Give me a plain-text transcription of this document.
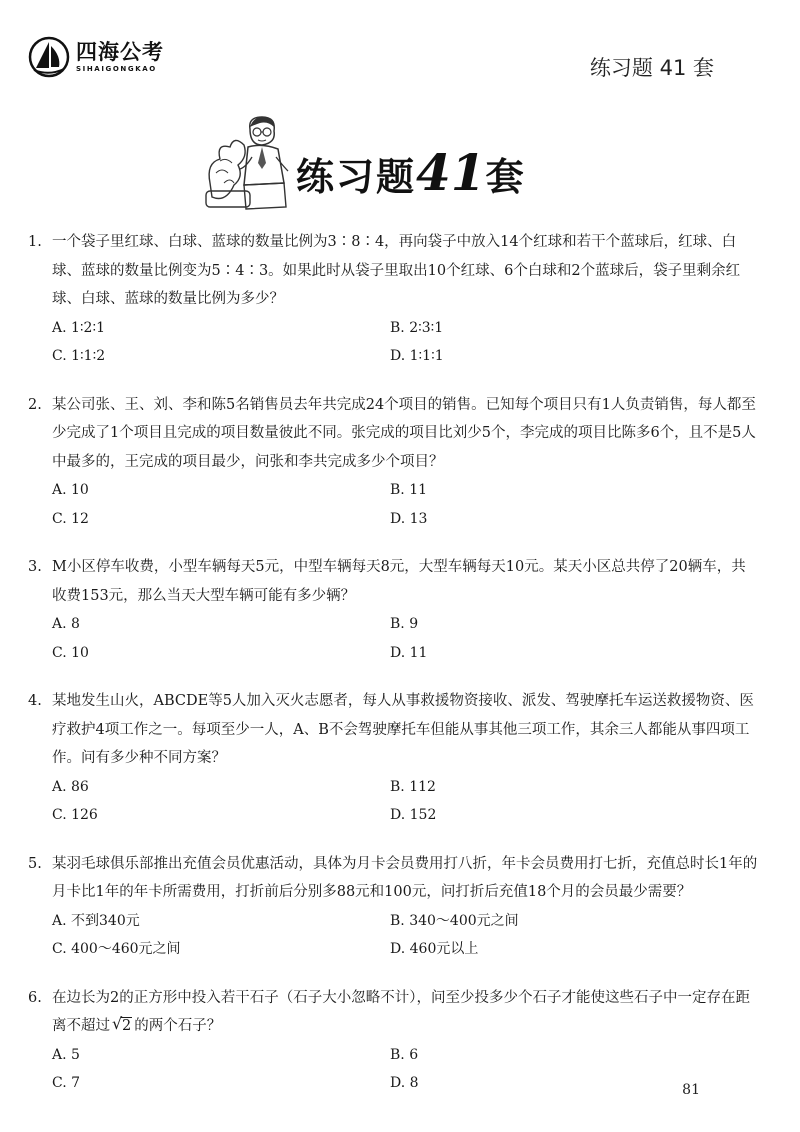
四海公考
SIHAIGONGKAO	练习题 41 套
练习题41套
1. 一个袋子里红球、白球、蓝球的数量比例为3∶8∶4，再向袋子中放入14个红球和若干个蓝球后，红球、白球、蓝球的数量比例变为5∶4∶3。如果此时从袋子里取出10个红球、6个白球和2个蓝球后，袋子里剩余红球、白球、蓝球的数量比例为多少？
A. 1∶2∶1	B. 2∶3∶1
C. 1∶1∶2	D. 1∶1∶1
2. 某公司张、王、刘、李和陈5名销售员去年共完成24个项目的销售。已知每个项目只有1人负责销售，每人都至少完成了1个项目且完成的项目数量彼此不同。张完成的项目比刘少5个，李完成的项目比陈多6个，且不是5人中最多的，王完成的项目最少，问张和李共完成多少个项目？
A. 10	B. 11
C. 12	D. 13
3. M小区停车收费，小型车辆每天5元，中型车辆每天8元，大型车辆每天10元。某天小区总共停了20辆车，共收费153元，那么当天大型车辆可能有多少辆？
A. 8	B. 9
C. 10	D. 11
4. 某地发生山火，ABCDE等5人加入灭火志愿者，每人从事救援物资接收、派发、驾驶摩托车运送救援物资、医疗救护4项工作之一。每项至少一人，A、B不会驾驶摩托车但能从事其他三项工作，其余三人都能从事四项工作。问有多少种不同方案？
A. 86	B. 112
C. 126	D. 152
5. 某羽毛球俱乐部推出充值会员优惠活动，具体为月卡会员费用打八折，年卡会员费用打七折，充值总时长1年的月卡比1年的年卡所需费用，打折前后分别多88元和100元，问打折后充值18个月的会员最少需要？
A. 不到340元	B. 340～400元之间
C. 400～460元之间	D. 460元以上
6. 在边长为2的正方形中投入若干石子（石子大小忽略不计），问至少投多少个石子才能使这些石子中一定存在距离不超过 √ 2 的两个石子？
A. 5	B. 6
C. 7	D. 8	81
